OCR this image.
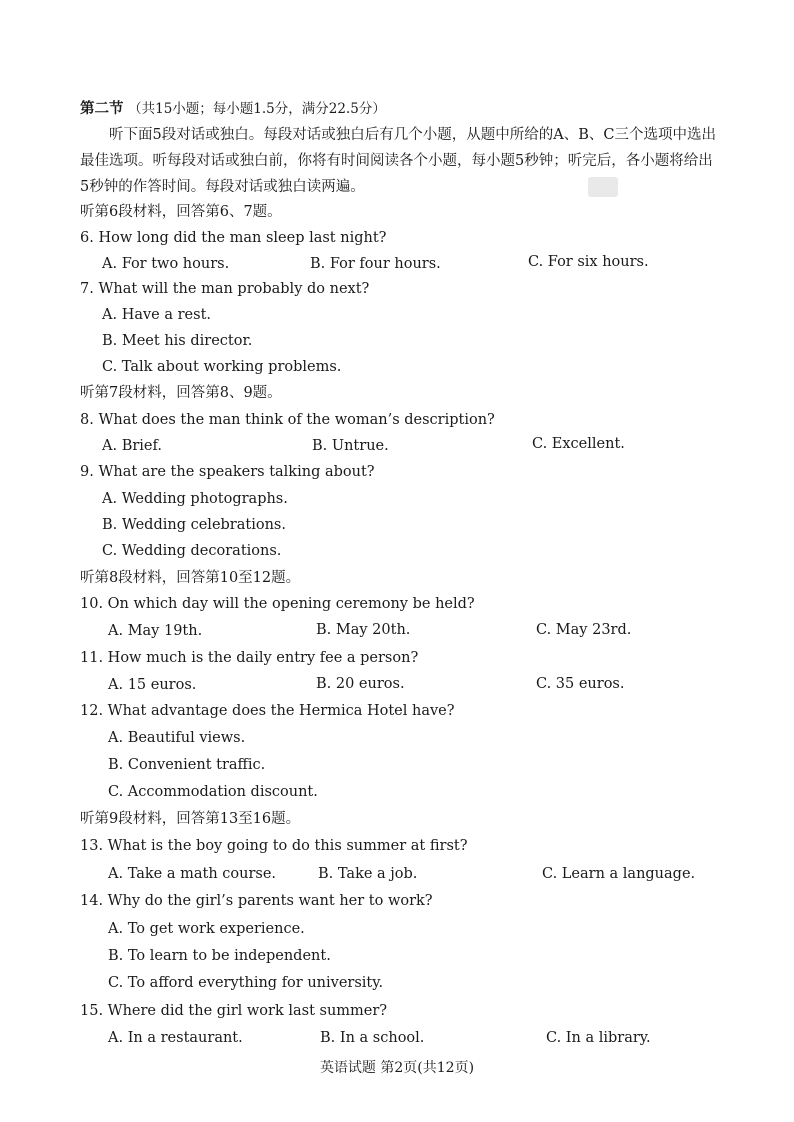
第二节 （共15小题；每小题1.5分，满分22.5分）
听下面5段对话或独白。每段对话或独白后有几个小题，从题中所给的A、B、C三个选项中选出最佳选项。听每段对话或独白前，你将有时间阅读各个小题，每小题5秒钟；听完后，各小题将给出5秒钟的作答时间。每段对话或独白读两遍。
听第6段材料，回答第6、7题。
6. How long did the man sleep last night?
A. For two hours.	B. For four hours.	C. For six hours.
7. What will the man probably do next?
A. Have a rest.
B. Meet his director.
C. Talk about working problems.
听第7段材料，回答第8、9题。
8. What does the man think of the woman’s description?
A. Brief.	B. Untrue.	C. Excellent.
9. What are the speakers talking about?
A. Wedding photographs.
B. Wedding celebrations.
C. Wedding decorations.
听第8段材料，回答第10至12题。
10. On which day will the opening ceremony be held?
A. May 19th.	B. May 20th.	C. May 23rd.
11. How much is the daily entry fee a person?
A. 15 euros.	B. 20 euros.	C. 35 euros.
12. What advantage does the Hermica Hotel have?
A. Beautiful views.
B. Convenient traffic.
C. Accommodation discount.
听第9段材料，回答第13至16题。
13. What is the boy going to do this summer at first?
A. Take a math course.	B. Take a job.	C. Learn a language.
14. Why do the girl’s parents want her to work?
A. To get work experience.
B. To learn to be independent.
C. To afford everything for university.
15. Where did the girl work last summer?
A. In a restaurant.	B. In a school.	C. In a library.
英语试题 第2页(共12页)
